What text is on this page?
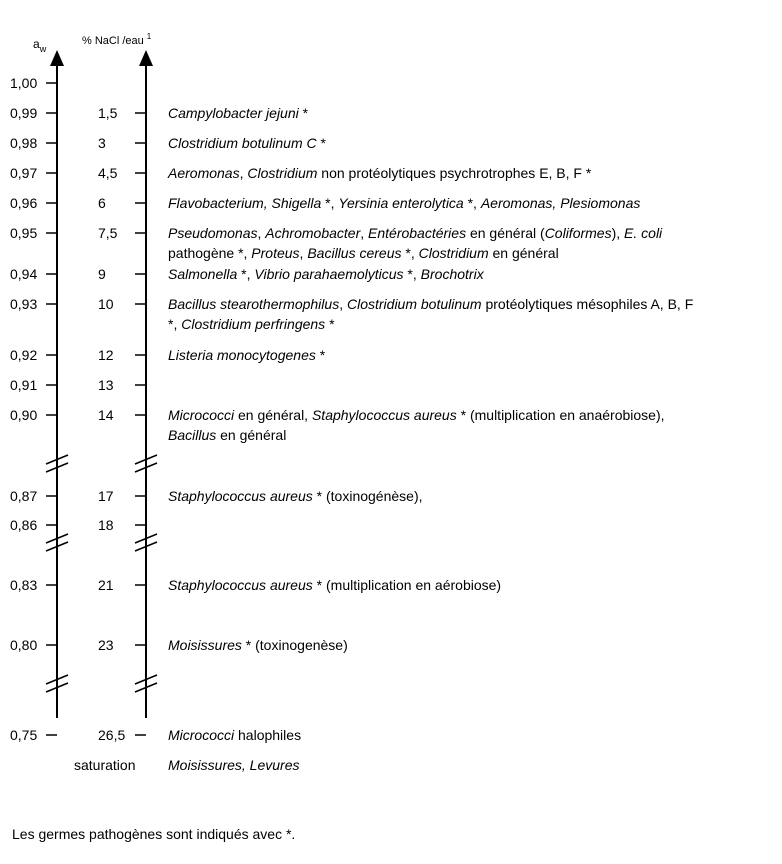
$a_w$
% NaCl /eau $^1$
1,00
0,99	1,5	Campylobacter jejuni *
0,98	3	Clostridium botulinum C *
0,97	4,5	Aeromonas, Clostridium non protéolytiques psychrotrophes E, B, F *
0,96	6	Flavobacterium, Shigella *, Yersinia enterolytica *, Aeromonas, Plesiomonas
0,95	7,5	Pseudomonas, Achromobacter, Entérobactéries en général (Coliformes), E. coli
pathogène *, Proteus, Bacillus cereus *, Clostridium en général
0,94	9	Salmonella *, Vibrio parahaemolyticus *, Brochotrix
0,93	10	Bacillus stearothermophilus, Clostridium botulinum protéolytiques mésophiles A, B, F
*, Clostridium perfringens *
0,92	12	Listeria monocytogenes *
0,91	13
0,90	14	Micrococci en général, Staphylococcus aureus * (multiplication en anaérobiose),
Bacillus en général
0,87	17	Staphylococcus aureus * (toxinogénèse),
0,86	18
0,83	21	Staphylococcus aureus * (multiplication en aérobiose)
0,80	23	Moisissures * (toxinogenèse)
0,75	26,5	Micrococci halophiles
saturation Moisissures, Levures
Les germes pathogènes sont indiqués avec *.
